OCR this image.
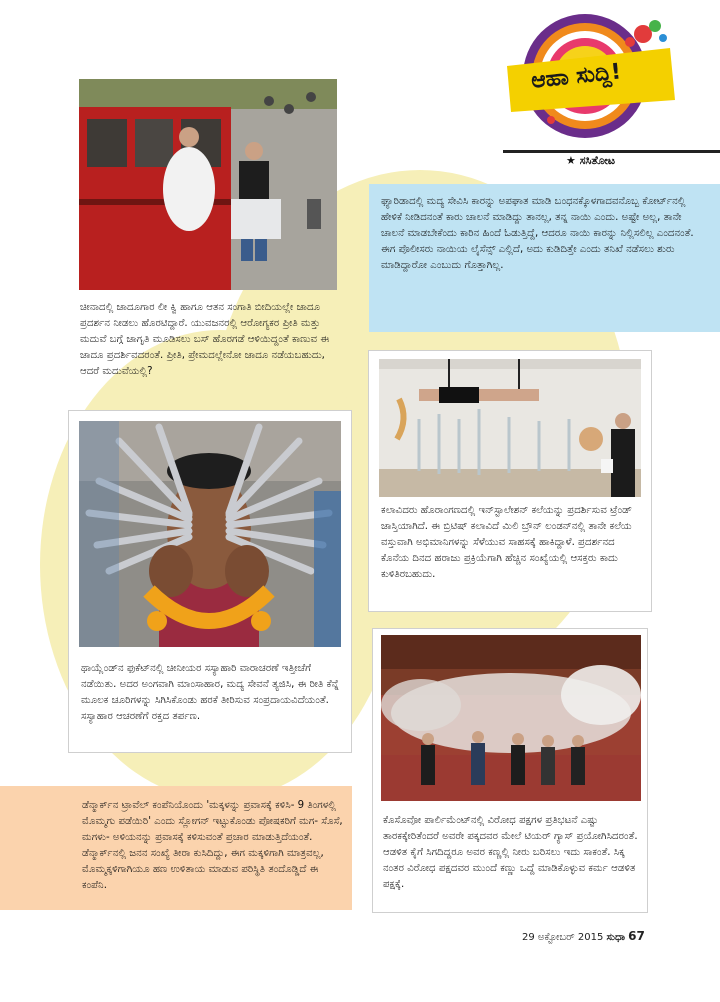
ಆಹಾ ಸುದ್ದಿ!
★ ಸಸಿತೋಟ
ಚೀನಾದಲ್ಲಿ ಜಾದೂಗಾರ ಲೀ ಕ್ವಿ ಹಾಗೂ ಆತನ ಸಂಗಾತಿ ಬೀದಿಯಲ್ಲೇ ಜಾದೂ ಪ್ರದರ್ಶನ ನೀಡಲು ಹೊರಟಿದ್ದಾರೆ. ಯುವಜನರಲ್ಲಿ ಆರೋಗ್ಯಕರ ಪ್ರೀತಿ ಮತ್ತು ಮದುವೆ ಬಗ್ಗೆ ಜಾಗೃತಿ ಮೂಡಿಸಲು ಬಸ್ ಹೊರಗಡೆ ಆಳಿಯಿದ್ದಂತೆ ಕಾಣುವ ಈ ಜಾದೂ ಪ್ರದರ್ಶಿವದರಂತೆ. ಪ್ರೀತಿ, ಪ್ರೇಮದಲ್ಲೇನೋ ಜಾದೂ ನಡೆಯಬಹುದು, ಆದರೆ ಮದುವೆಯಲ್ಲಿ?
ಘ್ಯಾರಿಡಾದಲ್ಲಿ ಮದ್ಯ ಸೇವಿಸಿ ಕಾರನ್ನು ಅಪಘಾತ ಮಾಡಿ ಬಂಧನಕ್ಕೊಳಗಾದವನೊಬ್ಬ ಕೋರ್ಟ್‌ನಲ್ಲಿ ಹೇಳಿಕೆ ನೀಡಿದನಂತೆ ಕಾರು ಚಾಲನೆ ಮಾಡಿದ್ದು ತಾನಲ್ಲ, ತನ್ನ ನಾಯಿ ಎಂದು. ಅಷ್ಟೇ ಅಲ್ಲ, ತಾನೇ ಚಾಲನೆ ಮಾಡಬೇಕೆಂದು ಕಾರಿನ ಹಿಂದೆ ಓಡುತ್ತಿದ್ದೆ, ಆದರೂ ನಾಯಿ ಕಾರನ್ನು ನಿಲ್ಲಿಸಲಿಲ್ಲ ಎಂದನಂತೆ. ಈಗ ಪೊಲೀಸರು ನಾಯಿಯ ಲೈಸೆನ್ಸ್ ಎಲ್ಲಿದೆ, ಅದು ಕುಡಿದಿತ್ತೇ ಎಂದು ತನಿಖೆ ನಡೆಸಲು ಶುರು ಮಾಡಿದ್ದಾರೋ ಎಂಬುದು ಗೊತ್ತಾಗಿಲ್ಲ.
ಕಲಾವಿದರು ಹೊರಾಂಗಣದಲ್ಲಿ ಇನ್‌ಸ್ಟಾಲೇಶನ್ ಕಲೆಯನ್ನು ಪ್ರದರ್ಶಿಸುವ ಟ್ರೆಂಡ್ ಜಾಸ್ತಿಯಾಗಿದೆ. ಈ ಬ್ರಿಟಿಷ್ ಕಲಾವಿದೆ ಮಿಲಿ ಬ್ರೌನ್ ಲಂಡನ್‌ನಲ್ಲಿ ತಾನೇ ಕಲೆಯ ವಸ್ತುವಾಗಿ ಅಭಿಮಾನಿಗಳನ್ನು ಸೆಳೆಯುವ ಸಾಹಸಕ್ಕೆ ಹಾಕಿದ್ದಾಳೆ. ಪ್ರದರ್ಶನದ ಕೊನೆಯ ದಿನದ ಹರಾಜು ಪ್ರಕ್ರಿಯೆಗಾಗಿ ಹೆಚ್ಚಿನ ಸಂಖ್ಯೆಯಲ್ಲಿ ಆಸಕ್ತರು ಕಾದು ಕುಳಿತಿರಬಹುದು.
ಥಾಯ್ಲೆಂಡ್‌ನ ಫುಕೆಟ್‌ನಲ್ಲಿ ಚೀನೀಯರ ಸಸ್ಯಾಹಾರಿ ವಾರಾಚರಣೆ ಇತ್ತೀಚೆಗೆ ನಡೆಯಿತು. ಅದರ ಅಂಗವಾಗಿ ಮಾಂಸಾಹಾರ, ಮದ್ಯ ಸೇವನೆ ತ್ಯಜಿಸಿ, ಈ ರೀತಿ ಕೆನ್ನೆ ಮೂಲಕ ಚೂರಿಗಳನ್ನು ಸಿಗಿಸಿಕೊಂಡು ಹರಕೆ ತೀರಿಸುವ ಸಂಪ್ರದಾಯವಿದೆಯಂತೆ. ಸಸ್ಯಾಹಾರ ಆಚರಣೆಗೆ ರಕ್ತದ ತರ್ಪಣ.
ಕೊಸೊವೋ ಪಾರ್ಲಿಮೆಂಟ್‌ನಲ್ಲಿ ವಿರೋಧ ಪಕ್ಷಗಳ ಪ್ರತಿಭಟನೆ ಎಷ್ಟು ತಾರಕಕ್ಕೇರಿತೆಂದರೆ ಅವರೇ ಪಕ್ಕದವರ ಮೇಲೆ ಟಿಯರ್ ಗ್ಯಾಸ್ ಪ್ರಯೋಗಿಸಿದರಂತೆ. ಆಡಳಿತ ಕೈಗೆ ಸಿಗದಿದ್ದರೂ ಅವರ ಕಣ್ಣಲ್ಲಿ ನೀರು ಬರಿಸಲು ಇದು ಸಾಕಂತೆ. ಸಿಕ್ಕ ನಂತರ ವಿರೋಧ ಪಕ್ಷದವರ ಮುಂದೆ ಕಣ್ಣು ಒದ್ದೆ ಮಾಡಿಕೊಳ್ಳುವ ಕರ್ಮ ಆಡಳಿತ ಪಕ್ಷಕ್ಕೆ.
ಡೆನ್ಮಾರ್ಕ್‌ನ ಟ್ರಾವೆಲ್ ಕಂಪೆನಿಯೊಂದು 'ಮಕ್ಕಳನ್ನು ಪ್ರವಾಸಕ್ಕೆ ಕಳಿಸಿ- 9 ತಿಂಗಳಲ್ಲಿ ಮೊಮ್ಮಗು ಪಡೆಯಿರಿ' ಎಂದು ಸ್ಲೋಗನ್ ಇಟ್ಟುಕೊಂಡು ಪೋಷಕರಿಗೆ ಮಗ- ಸೊಸೆ, ಮಗಳು- ಅಳಿಯನನ್ನು ಪ್ರವಾಸಕ್ಕೆ ಕಳಿಸುವಂತೆ ಪ್ರಚಾರ ಮಾಡುತ್ತಿದೆಯಂತೆ. ಡೆನ್ಮಾರ್ಕ್‌ನಲ್ಲಿ ಜನನ ಸಂಖ್ಯೆ ತೀರಾ ಕುಸಿದಿದ್ದು, ಈಗ ಮಕ್ಕಳಿಗಾಗಿ ಮಾತ್ರವಲ್ಲ, ಮೊಮ್ಮಕ್ಕಳಿಗಾಗಿಯೂ ಹಣ ಉಳಿತಾಯ ಮಾಡುವ ಪರಿಸ್ಥಿತಿ ತಂದೊಡ್ಡಿದೆ ಈ ಕಂಪೆನಿ.
29 ಅಕ್ಟೋಬರ್ 2015 ಸುಧಾ 67
